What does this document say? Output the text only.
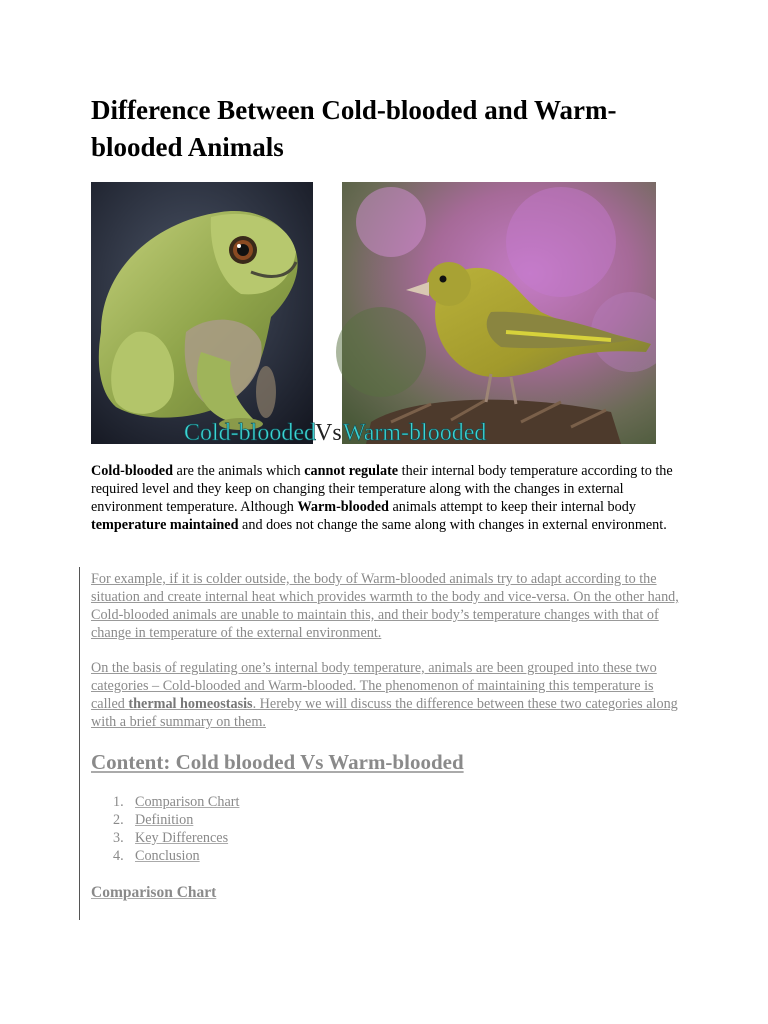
Difference Between Cold-blooded and Warm-blooded Animals
Cold-blooded Vs Warm-blooded

Cold-blooded are the animals which cannot regulate their internal body temperature according to the required level and they keep on changing their temperature along with the changes in external environment temperature. Although Warm-blooded animals attempt to keep their internal body temperature maintained and does not change the same along with changes in external environment.

For example, if it is colder outside, the body of Warm-blooded animals try to adapt according to the situation and create internal heat which provides warmth to the body and vice-versa. On the other hand, Cold-blooded animals are unable to maintain this, and their body’s temperature changes with that of change in temperature of the external environment.

On the basis of regulating one’s internal body temperature, animals are been grouped into these two categories – Cold-blooded and Warm-blooded. The phenomenon of maintaining this temperature is called thermal homeostasis. Hereby we will discuss the difference between these two categories along with a brief summary on them.

Content: Cold blooded Vs Warm-blooded
1. Comparison Chart
2. Definition
3. Key Differences
4. Conclusion
Comparison Chart
